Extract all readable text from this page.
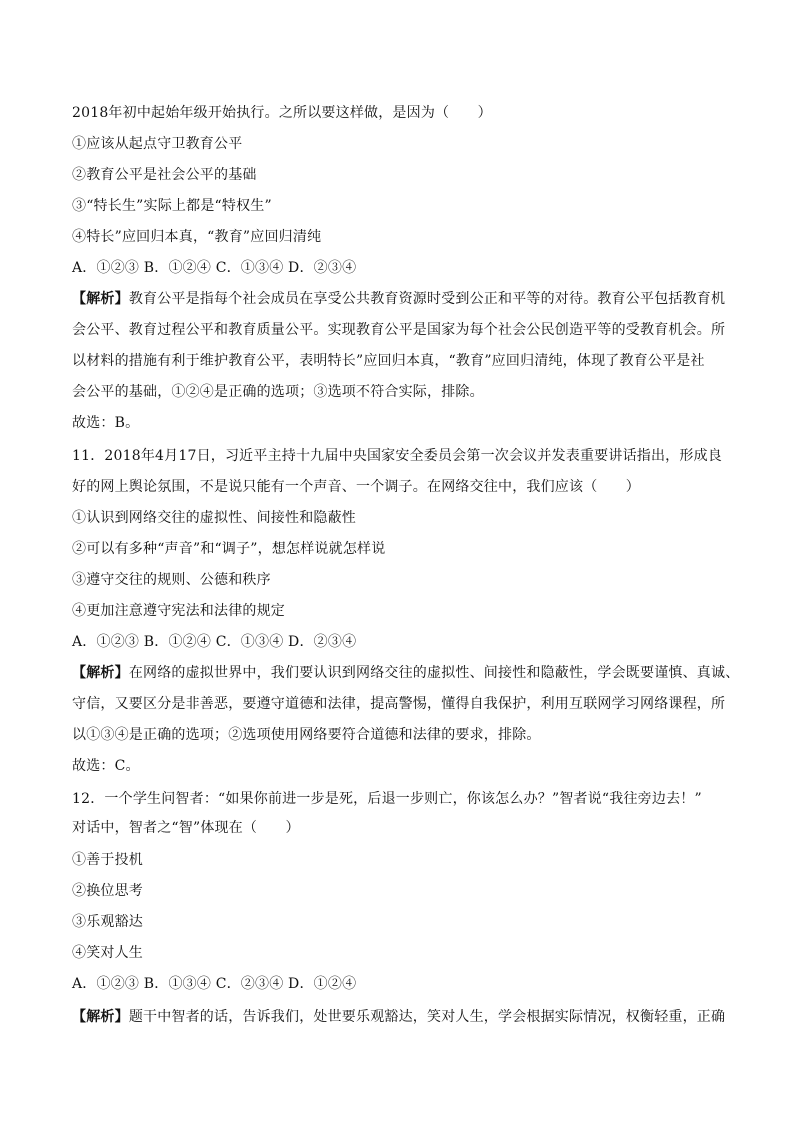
2018年初中起始年级开始执行。之所以要这样做，是因为（　　）
①应该从起点守卫教育公平
②教育公平是社会公平的基础
③“特长生”实际上都是“特权生”
④特长”应回归本真，“教育”应回归清纯
A．①②③ B．①②④ C．①③④ D．②③④
【解析】教育公平是指每个社会成员在享受公共教育资源时受到公正和平等的对待。教育公平包括教育机
会公平、教育过程公平和教育质量公平。实现教育公平是国家为每个社会公民创造平等的受教育机会。所
以材料的措施有利于维护教育公平，表明特长”应回归本真，“教育”应回归清纯，体现了教育公平是社
会公平的基础，①②④是正确的选项；③选项不符合实际，排除。
故选：B。
11．2018年4月17日，习近平主持十九届中央国家安全委员会第一次会议并发表重要讲话指出，形成良
好的网上舆论氛围，不是说只能有一个声音、一个调子。在网络交往中，我们应该（　　）
①认识到网络交往的虚拟性、间接性和隐蔽性
②可以有多种“声音”和“调子”，想怎样说就怎样说
③遵守交往的规则、公德和秩序
④更加注意遵守宪法和法律的规定
A．①②③ B．①②④ C．①③④ D．②③④
【解析】在网络的虚拟世界中，我们要认识到网络交往的虚拟性、间接性和隐蔽性，学会既要谨慎、真诚、
守信，又要区分是非善恶，要遵守道德和法律，提高警惕，懂得自我保护，利用互联网学习网络课程，所
以①③④是正确的选项；②选项使用网络要符合道德和法律的要求，排除。
故选：C。
12．一个学生问智者：“如果你前进一步是死，后退一步则亡，你该怎么办？”智者说“我往旁边去！”
对话中，智者之“智”体现在（　　）
①善于投机
②换位思考
③乐观豁达
④笑对人生
A．①②③ B．①③④ C．②③④ D．①②④
【解析】题干中智者的话，告诉我们，处世要乐观豁达，笑对人生，学会根据实际情况，权衡轻重，正确
